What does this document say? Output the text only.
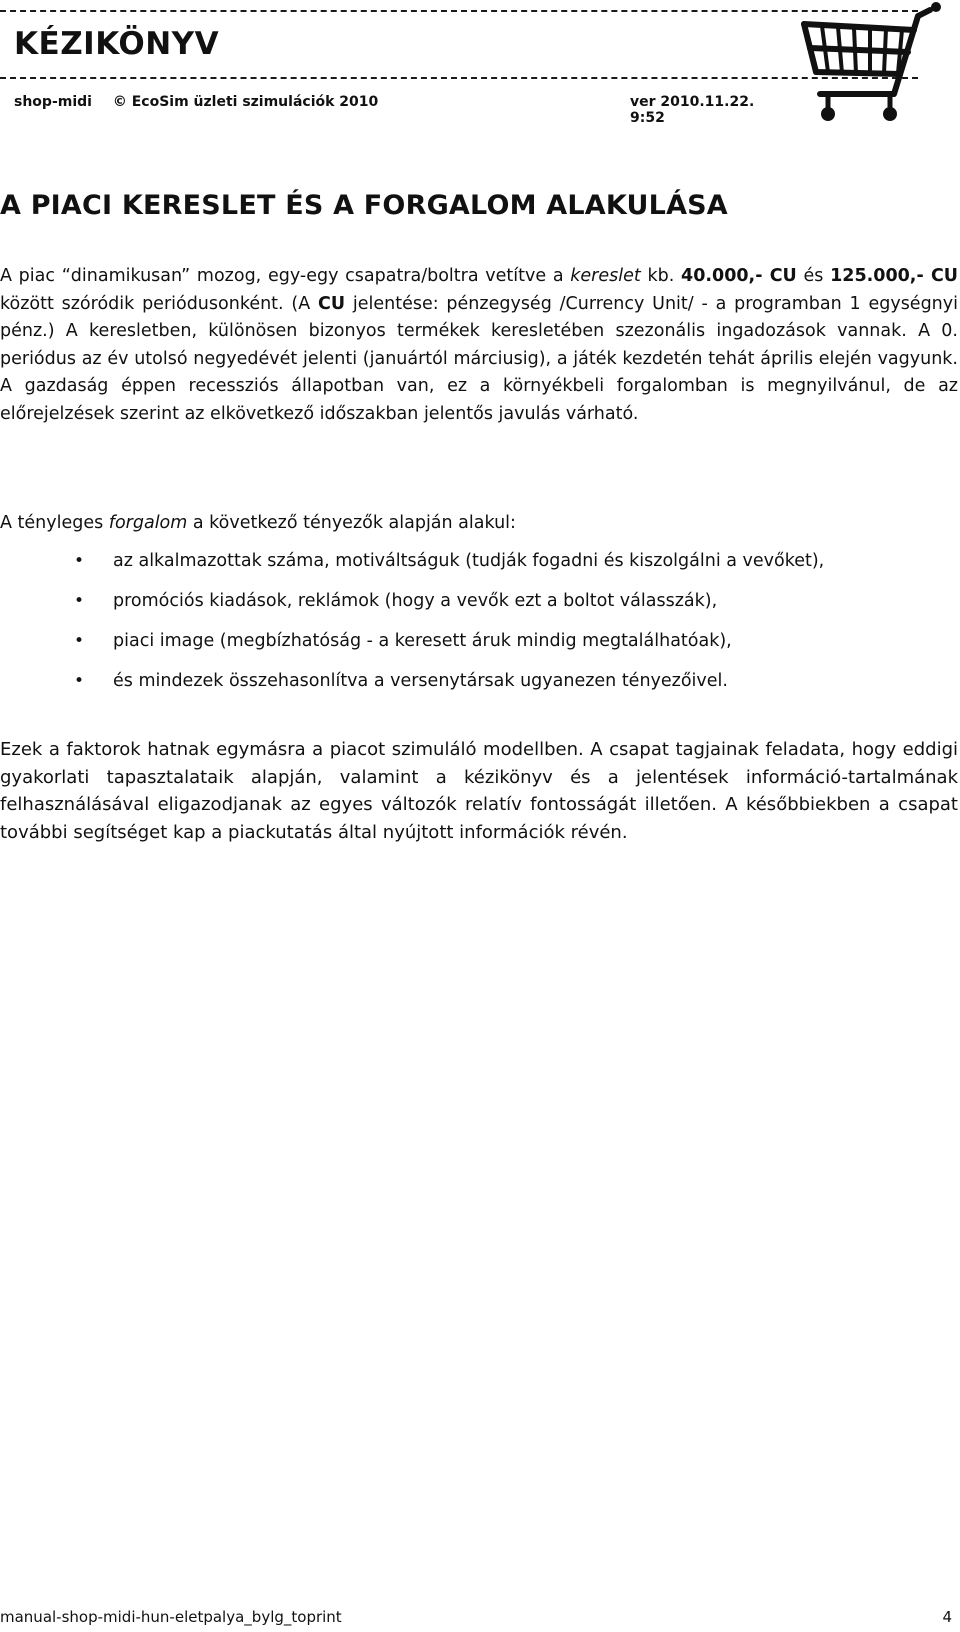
KÉZIKÖNYV
shop-midi © EcoSim üzleti szimulációk 2010	ver 2010.11.22. 9:52
A PIACI KERESLET ÉS A FORGALOM ALAKULÁSA

A piac “dinamikusan” mozog, egy-egy csapatra/boltra vetítve a kereslet kb. 40.000,- CU és 125.000,- CU között szóródik periódusonként. (A CU jelentése: pénzegység /Currency Unit/ - a programban 1 egységnyi pénz.) A keresletben, különösen bizonyos termékek keresletében szezonális ingadozások vannak. A 0. periódus az év utolsó negyedévét jelenti (januártól márciusig), a játék kezdetén tehát április elején vagyunk. A gazdaság éppen recessziós állapotban van, ez a környékbeli forgalomban is megnyilvánul, de az előrejelzések szerint az elkövetkező időszakban jelentős javulás várható.

A tényleges forgalom a következő tényezők alapján alakul:

• az alkalmazottak száma, motiváltságuk (tudják fogadni és kiszolgálni a vevőket),
• promóciós kiadások, reklámok (hogy a vevők ezt a boltot válasszák),
• piaci image (megbízhatóság - a keresett áruk mindig megtalálhatóak),
• és mindezek összehasonlítva a versenytársak ugyanezen tényezőivel.

Ezek a faktorok hatnak egymásra a piacot szimuláló modellben. A csapat tagjainak feladata, hogy eddigi gyakorlati tapasztalataik alapján, valamint a kézikönyv és a jelentések információ-tartalmának felhasználásával eligazodjanak az egyes változók relatív fontosságát illetően. A későbbiekben a csapat további segítséget kap a piackutatás által nyújtott információk révén.

manual-shop-midi-hun-eletpalya_bylg_toprint	4
